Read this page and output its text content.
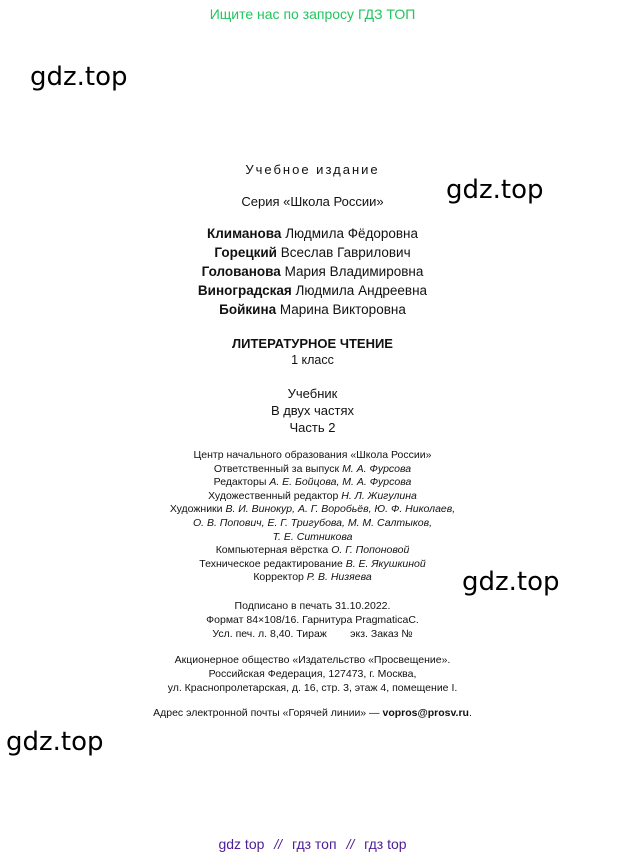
Ищите нас по запросу ГДЗ ТОП
gdz.top
gdz.top
gdz.top
gdz.top
Учебное издание
Серия «Школа России»
Климанова Людмила Фёдоровна
Горецкий Всеслав Гаврилович
Голованова Мария Владимировна
Виноградская Людмила Андреевна
Бойкина Марина Викторовна
ЛИТЕРАТУРНОЕ ЧТЕНИЕ
1 класс
Учебник
В двух частях
Часть 2
Центр начального образования «Школа России»
Ответственный за выпуск М. А. Фурсова
Редакторы А. Е. Бойцова, М. А. Фурсова
Художественный редактор Н. Л. Жигулина
Художники В. И. Винокур, А. Г. Воробьёв, Ю. Ф. Николаев,
О. В. Попович, Е. Г. Тригубова, М. М. Салтыков,
Т. Е. Ситникова
Компьютерная вёрстка О. Г. Попоновой
Техническое редактирование В. Е. Якушкиной
Корректор Р. В. Низяева
Подписано в печать 31.10.2022.
Формат 84×108/16. Гарнитура PragmaticaC.
Усл. печ. л. 8,40. Тираж        экз. Заказ №
Акционерное общество «Издательство «Просвещение».
Российская Федерация, 127473, г. Москва,
ул. Краснопролетарская, д. 16, стр. 3, этаж 4, помещение I.
Адрес электронной почты «Горячей линии» — vopros@prosv.ru.
gdz top // гдз топ // гдз top
